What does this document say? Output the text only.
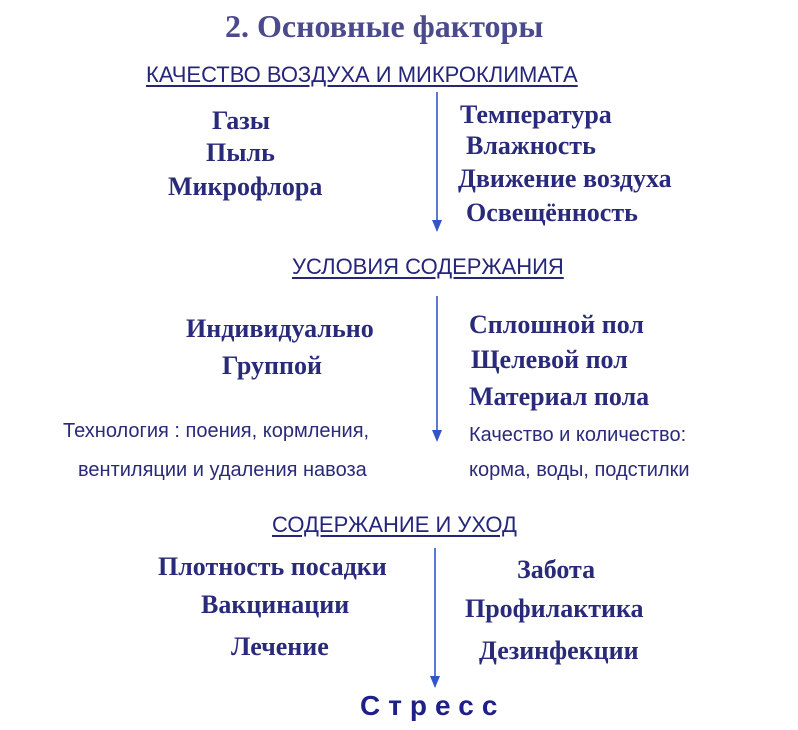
2. Основные факторы
КАЧЕСТВО ВОЗДУХА И МИКРОКЛИМАТА
Газы
Пыль
Микрофлора
Температура
Влажность
Движение воздуха
Освещённость
УСЛОВИЯ СОДЕРЖАНИЯ
Индивидуально
Группой
Технология : поения, кормления,
вентиляции и удаления навоза
Сплошной пол
Щелевой пол
Материал пола
Качество и количество:
корма, воды, подстилки
СОДЕРЖАНИЕ И УХОД
Плотность посадки
Вакцинации
Лечение
Забота
Профилактика
Дезинфекции
Стресс
